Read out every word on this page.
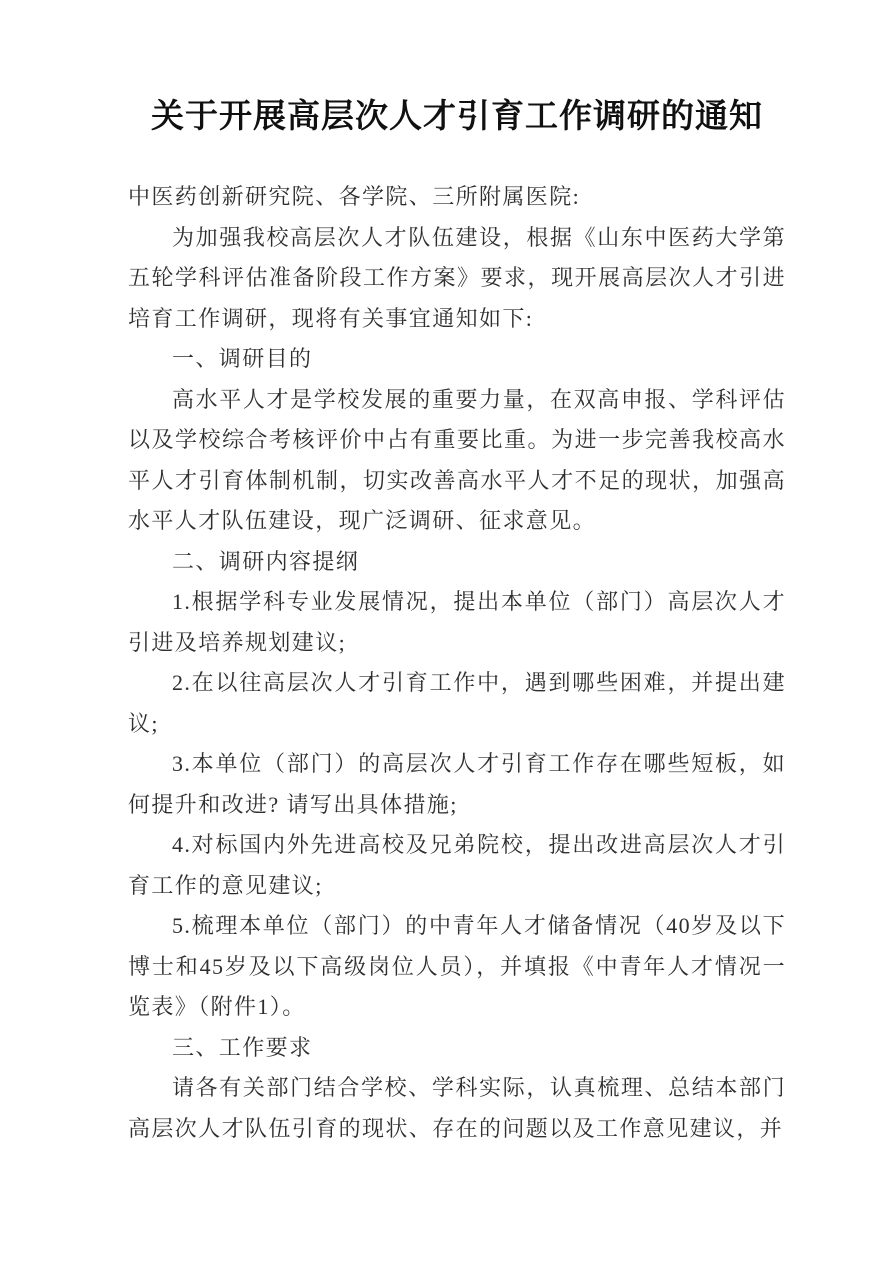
关于开展高层次人才引育工作调研的通知

中医药创新研究院、各学院、三所附属医院:

为加强我校高层次人才队伍建设，根据《山东中医药大学第五轮学科评估准备阶段工作方案》要求，现开展高层次人才引进培育工作调研，现将有关事宜通知如下:

一、调研目的

高水平人才是学校发展的重要力量，在双高申报、学科评估以及学校综合考核评价中占有重要比重。为进一步完善我校高水平人才引育体制机制，切实改善高水平人才不足的现状，加强高水平人才队伍建设，现广泛调研、征求意见。

二、调研内容提纲

1.根据学科专业发展情况，提出本单位（部门）高层次人才引进及培养规划建议;

2.在以往高层次人才引育工作中，遇到哪些困难，并提出建议;

3.本单位（部门）的高层次人才引育工作存在哪些短板，如何提升和改进? 请写出具体措施;

4.对标国内外先进高校及兄弟院校，提出改进高层次人才引育工作的意见建议;

5.梳理本单位（部门）的中青年人才储备情况（40岁及以下博士和45岁及以下高级岗位人员），并填报《中青年人才情况一览表》（附件1）。

三、工作要求

请各有关部门结合学校、学科实际，认真梳理、总结本部门高层次人才队伍引育的现状、存在的问题以及工作意见建议，并
